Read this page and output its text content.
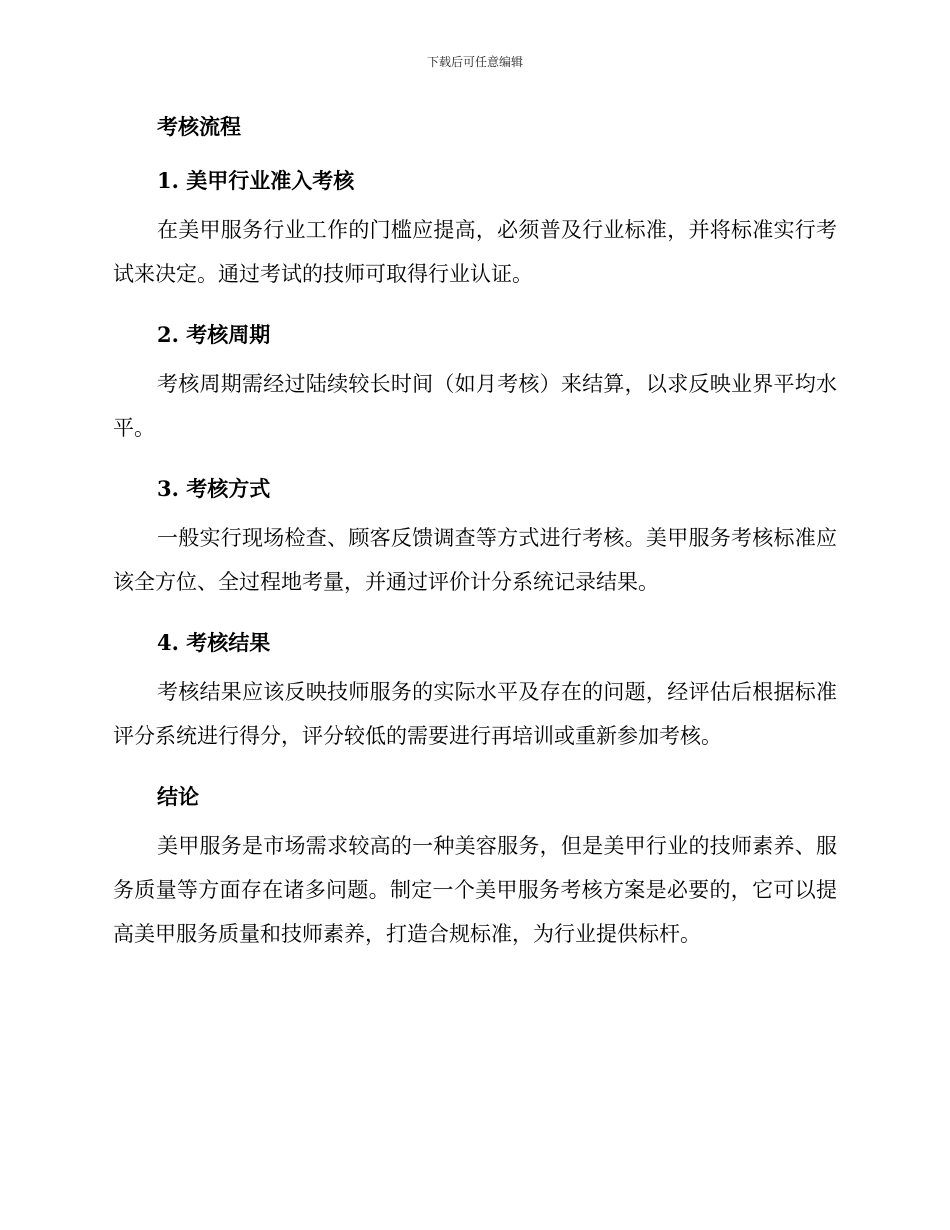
下载后可任意编辑
考核流程
1. 美甲行业准入考核

在美甲服务行业工作的门槛应提高，必须普及行业标准，并将标准实行考试来决定。通过考试的技师可取得行业认证。

2. 考核周期

考核周期需经过陆续较长时间（如月考核）来结算，以求反映业界平均水平。

3. 考核方式

一般实行现场检查、顾客反馈调查等方式进行考核。美甲服务考核标准应该全方位、全过程地考量，并通过评价计分系统记录结果。

4. 考核结果

考核结果应该反映技师服务的实际水平及存在的问题，经评估后根据标准评分系统进行得分，评分较低的需要进行再培训或重新参加考核。

结论

美甲服务是市场需求较高的一种美容服务，但是美甲行业的技师素养、服务质量等方面存在诸多问题。制定一个美甲服务考核方案是必要的，它可以提高美甲服务质量和技师素养，打造合规标准，为行业提供标杆。
